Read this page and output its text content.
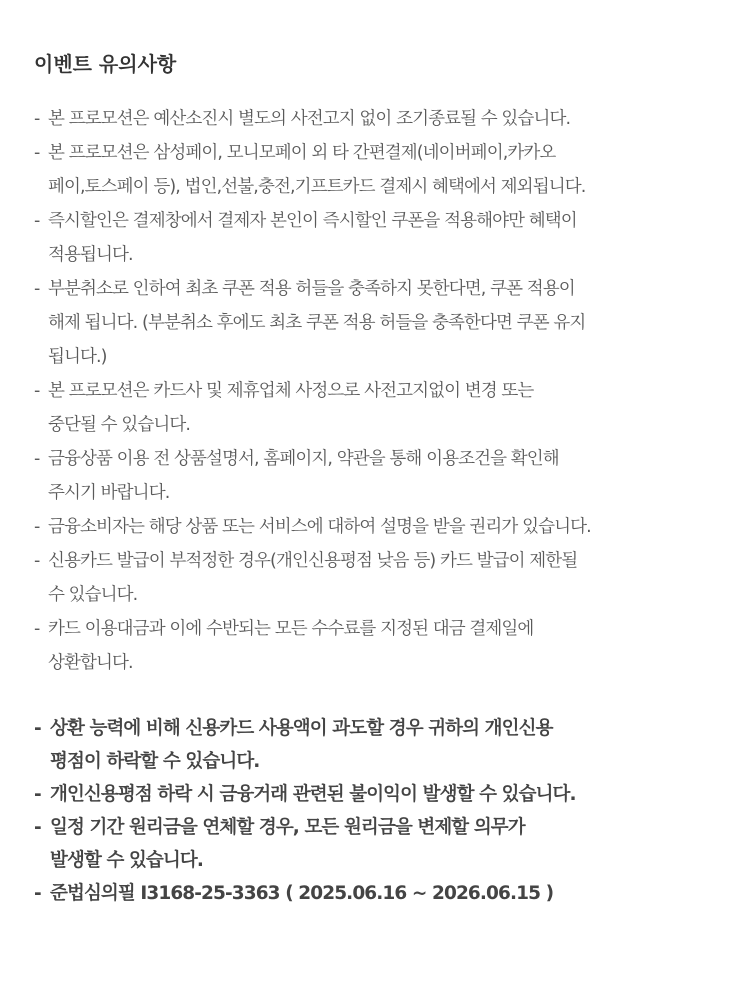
이벤트 유의사항
- 본 프로모션은 예산소진시 별도의 사전고지 없이 조기종료될 수 있습니다.
- 본 프로모션은 삼성페이, 모니모페이 외 타 간편결제(네이버페이,카카오
페이,토스페이 등), 법인,선불,충전,기프트카드 결제시 혜택에서 제외됩니다.
- 즉시할인은 결제창에서 결제자 본인이 즉시할인 쿠폰을 적용해야만 혜택이
적용됩니다.
- 부분취소로 인하여 최초 쿠폰 적용 허들을 충족하지 못한다면, 쿠폰 적용이
해제 됩니다. (부분취소 후에도 최초 쿠폰 적용 허들을 충족한다면 쿠폰 유지
됩니다.)
- 본 프로모션은 카드사 및 제휴업체 사정으로 사전고지없이 변경 또는
중단될 수 있습니다.
- 금융상품 이용 전 상품설명서, 홈페이지, 약관을 통해 이용조건을 확인해
주시기 바랍니다.
- 금융소비자는 해당 상품 또는 서비스에 대하여 설명을 받을 권리가 있습니다.
- 신용카드 발급이 부적정한 경우(개인신용평점 낮음 등) 카드 발급이 제한될
수 있습니다.
- 카드 이용대금과 이에 수반되는 모든 수수료를 지정된 대금 결제일에
상환합니다.
- 상환 능력에 비해 신용카드 사용액이 과도할 경우 귀하의 개인신용
평점이 하락할 수 있습니다.
- 개인신용평점 하락 시 금융거래 관련된 불이익이 발생할 수 있습니다.
- 일정 기간 원리금을 연체할 경우, 모든 원리금을 변제할 의무가
발생할 수 있습니다.
- 준법심의필 I3168-25-3363 ( 2025.06.16 ~ 2026.06.15 )
